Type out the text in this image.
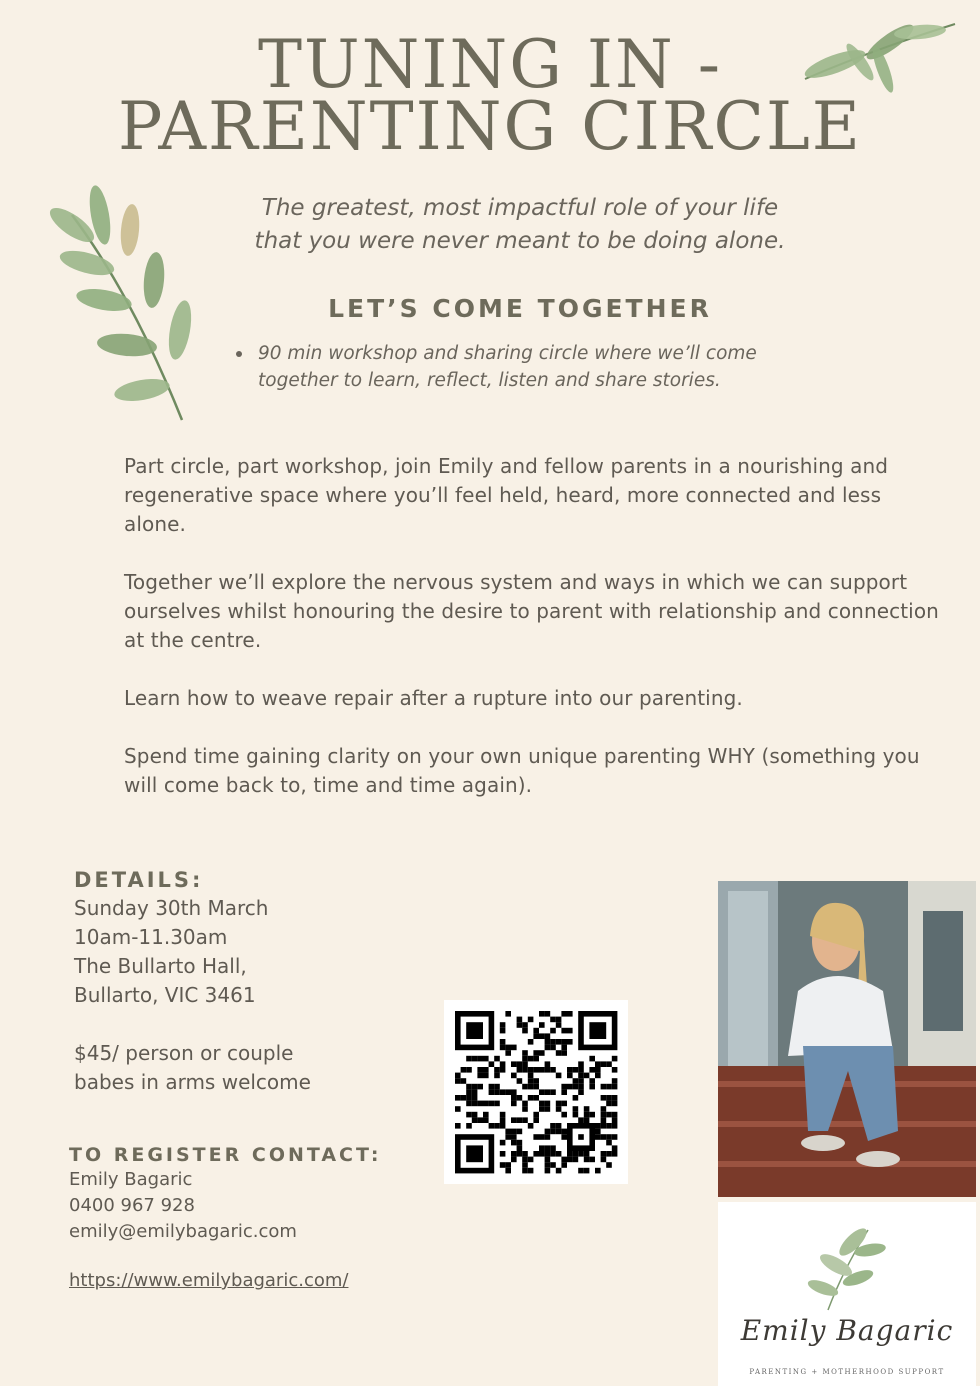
TUNING IN -
PARENTING CIRCLE
The greatest, most impactful role of your life
that you were never meant to be doing alone.
LET’S COME TOGETHER
90 min workshop and sharing circle where we’ll come together to learn, reflect, listen and share stories.

Part circle, part workshop, join Emily and fellow parents in a nourishing and regenerative space where you’ll feel held, heard, more connected and less alone.

Together we’ll explore the nervous system and ways in which we can support ourselves whilst honouring the desire to parent with relationship and connection at the centre.

Learn how to weave repair after a rupture into our parenting.

Spend time gaining clarity on your own unique parenting WHY (something you will come back to, time and time again).

DETAILS:
Sunday 30th March
10am-11.30am
The Bullarto Hall,
Bullarto, VIC 3461
$45/ person or couple
babes in arms welcome
TO REGISTER CONTACT:
Emily Bagaric
0400 967 928
emily@emilybagaric.com
https://www.emilybagaric.com/
Emily Bagaric
PARENTING + MOTHERHOOD SUPPORT
